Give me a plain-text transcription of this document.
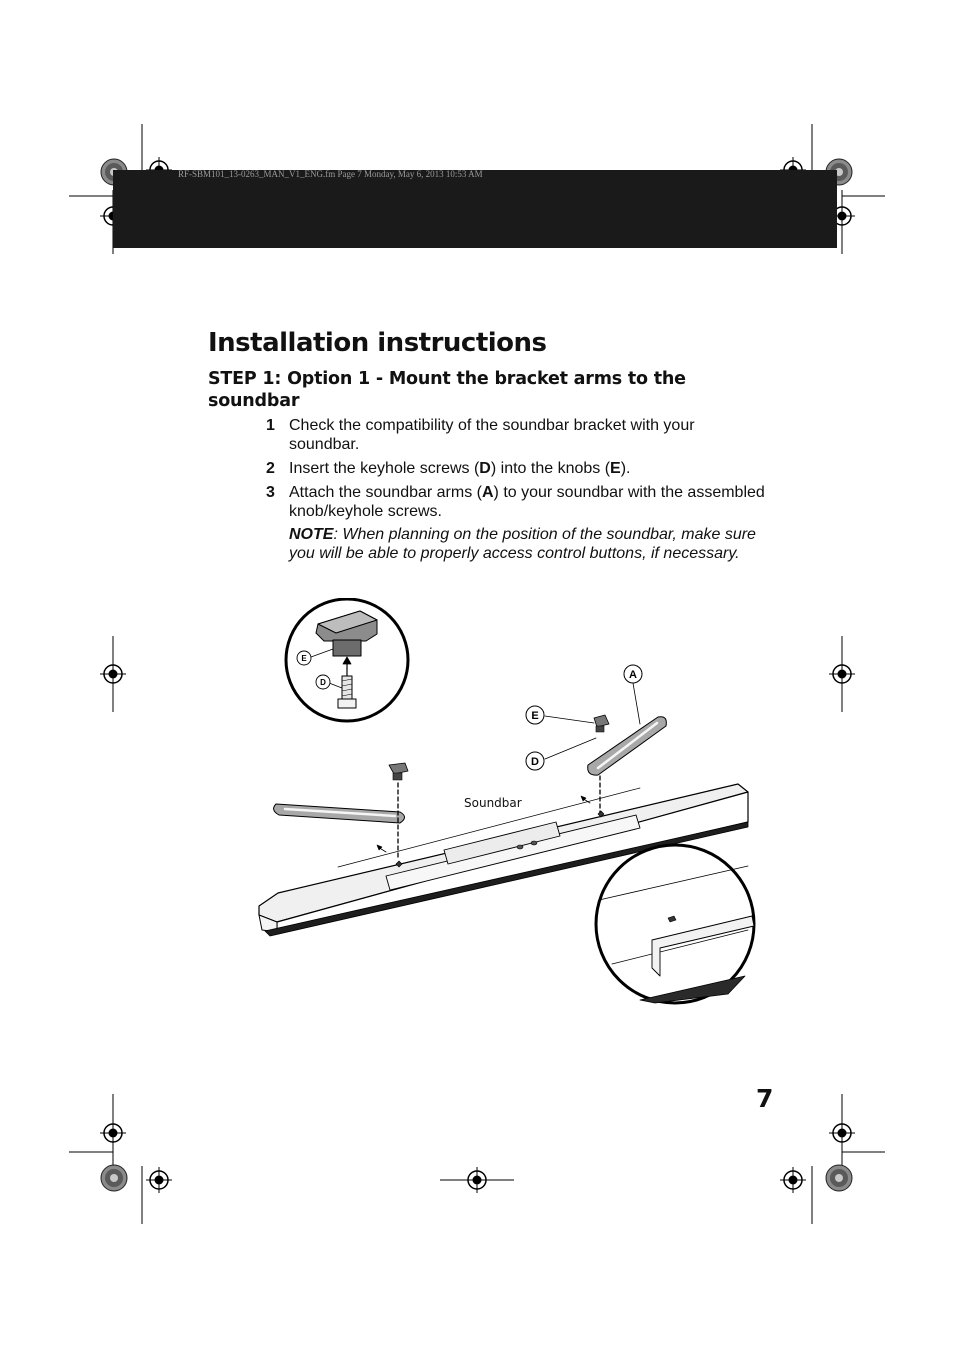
RF-SBM101_13-0263_MAN_V1_ENG.fm Page 7 Monday, May 6, 2013 10:53 AM
Installation instructions
STEP 1: Option 1 - Mount the bracket arms to the soundbar
1 Check the compatibility of the soundbar bracket with your soundbar.
2 Insert the keyhole screws (D) into the knobs (E).
3 Attach the soundbar arms (A) to your soundbar with the assembled knob/keyhole screws.

NOTE: When planning on the position of the soundbar, make sure you will be able to properly access control buttons, if necessary.

E
D
A
E
D
Soundbar
7
